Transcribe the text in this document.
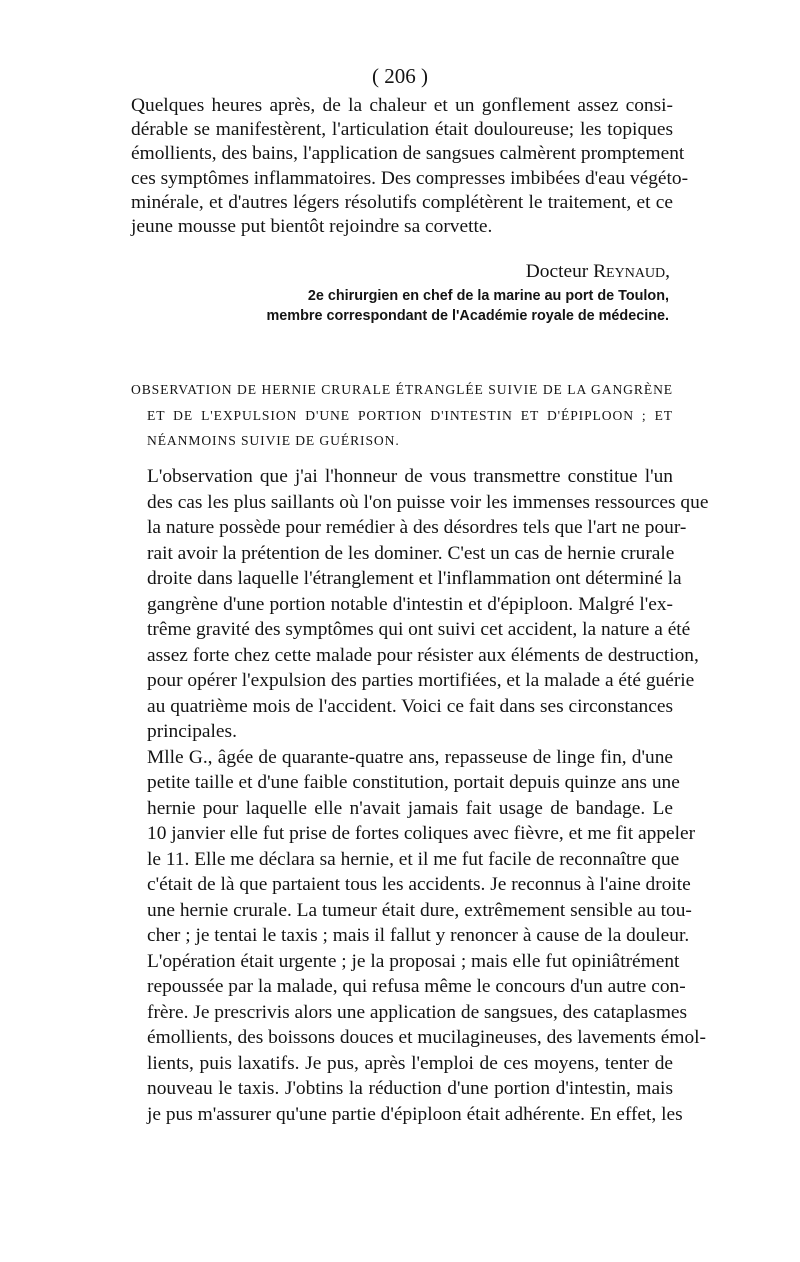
( 206 )
Quelques heures après, de la chaleur et un gonflement assez consi-
dérable se manifestèrent, l'articulation était douloureuse; les topiques
émollients, des bains, l'application de sangsues calmèrent promptement
ces symptômes inflammatoires. Des compresses imbibées d'eau végéto-
minérale, et d'autres légers résolutifs complétèrent le traitement, et ce
jeune mousse put bientôt rejoindre sa corvette.
Docteur Reynaud,
2e chirurgien en chef de la marine au port de Toulon,
membre correspondant de l'Académie royale de médecine.
OBSERVATION DE HERNIE CRURALE ÉTRANGLÉE SUIVIE DE LA GANGRÈNE
ET DE L'EXPULSION D'UNE PORTION D'INTESTIN ET D'ÉPIPLOON ; ET
NÉANMOINS SUIVIE DE GUÉRISON.

L'observation que j'ai l'honneur de vous transmettre constitue l'un
des cas les plus saillants où l'on puisse voir les immenses ressources que
la nature possède pour remédier à des désordres tels que l'art ne pour-
rait avoir la prétention de les dominer. C'est un cas de hernie crurale
droite dans laquelle l'étranglement et l'inflammation ont déterminé la
gangrène d'une portion notable d'intestin et d'épiploon. Malgré l'ex-
trême gravité des symptômes qui ont suivi cet accident, la nature a été
assez forte chez cette malade pour résister aux éléments de destruction,
pour opérer l'expulsion des parties mortifiées, et la malade a été guérie
au quatrième mois de l'accident. Voici ce fait dans ses circonstances
principales.

Mlle G., âgée de quarante-quatre ans, repasseuse de linge fin, d'une
petite taille et d'une faible constitution, portait depuis quinze ans une
hernie pour laquelle elle n'avait jamais fait usage de bandage. Le
10 janvier elle fut prise de fortes coliques avec fièvre, et me fit appeler
le 11. Elle me déclara sa hernie, et il me fut facile de reconnaître que
c'était de là que partaient tous les accidents. Je reconnus à l'aine droite
une hernie crurale. La tumeur était dure, extrêmement sensible au tou-
cher ; je tentai le taxis ; mais il fallut y renoncer à cause de la douleur.
L'opération était urgente ; je la proposai ; mais elle fut opiniâtrément
repoussée par la malade, qui refusa même le concours d'un autre con-
frère. Je prescrivis alors une application de sangsues, des cataplasmes
émollients, des boissons douces et mucilagineuses, des lavements émol-
lients, puis laxatifs. Je pus, après l'emploi de ces moyens, tenter de
nouveau le taxis. J'obtins la réduction d'une portion d'intestin, mais
je pus m'assurer qu'une partie d'épiploon était adhérente. En effet, les
